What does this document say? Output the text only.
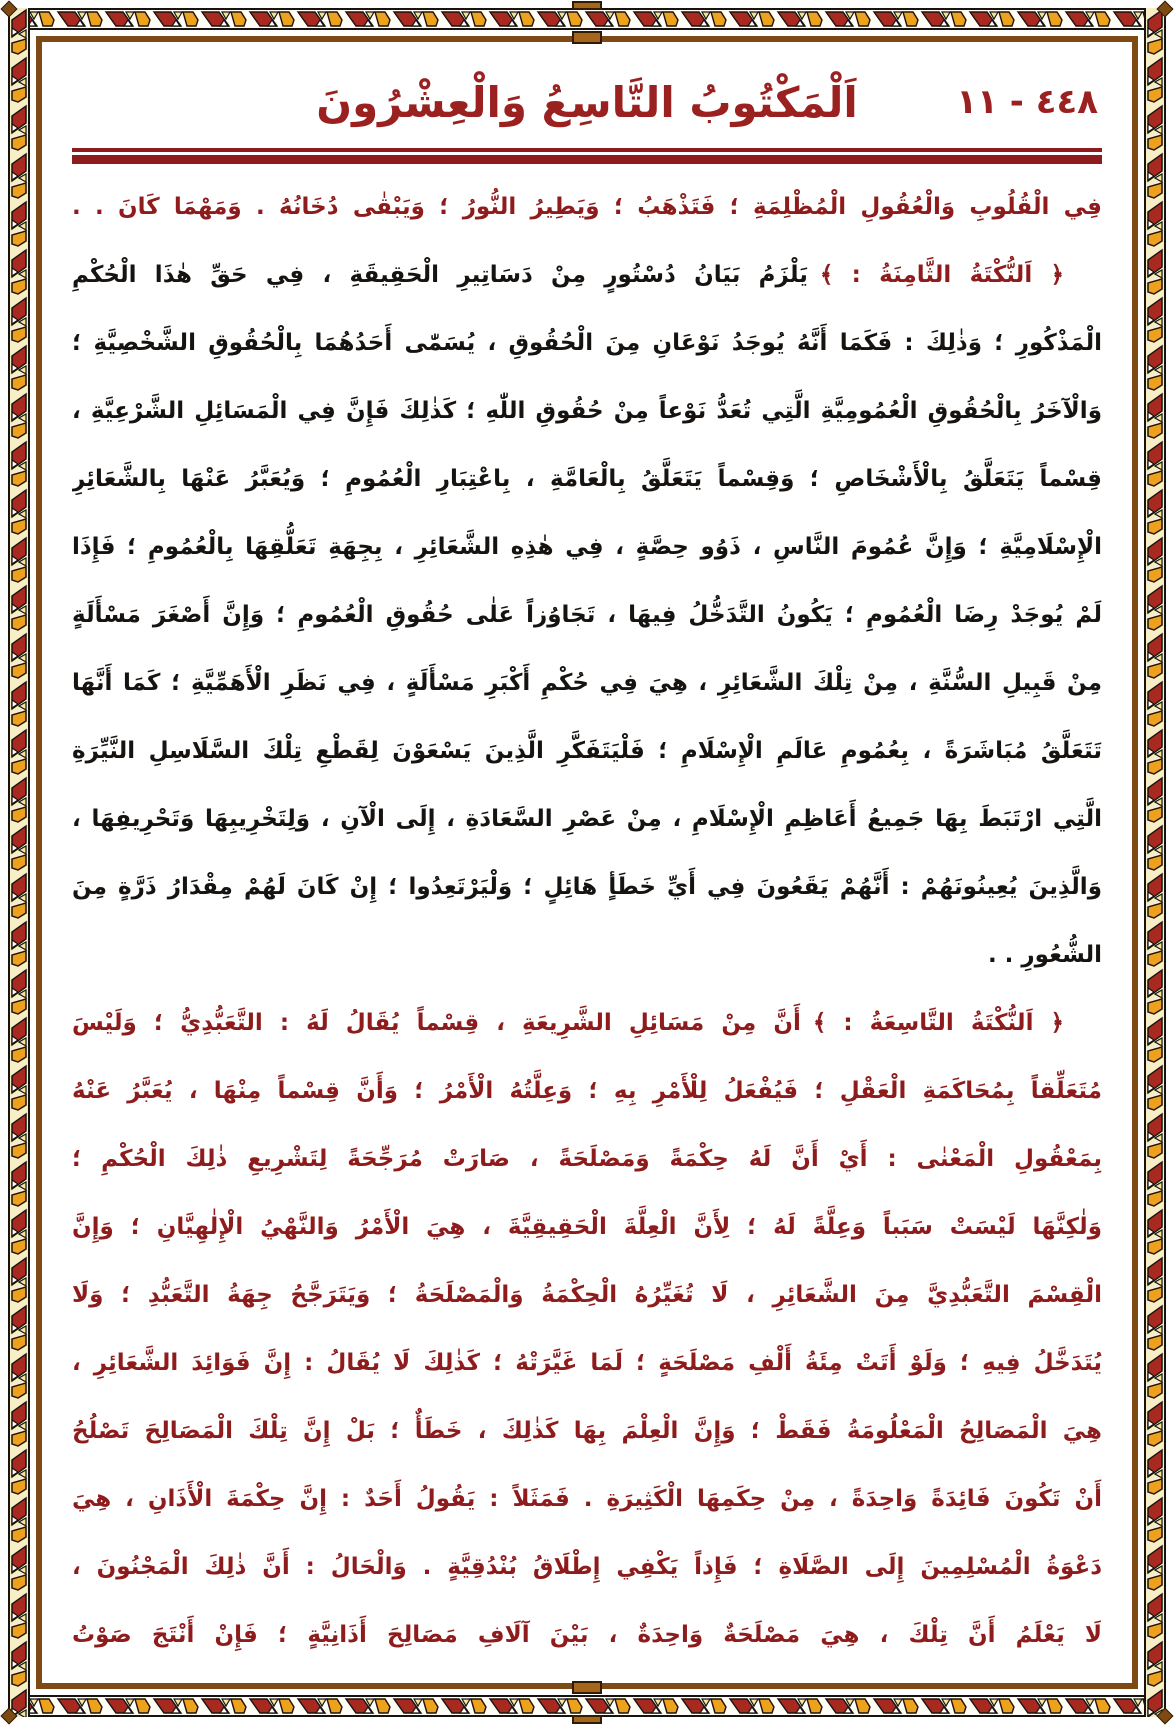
٤٤٨ - ١١
اَلْمَكْتُوبُ التَّاسِعُ وَالْعِشْرُونَ
فِي الْقُلُوبِ وَالْعُقُولِ الْمُظْلِمَةِ ؛ فَتَذْهَبُ ؛ وَيَطِيرُ النُّورُ ؛ وَيَبْقٰى دُخَانُهُ . وَمَهْمَا كَانَ . .
﴿ اَلنُّكْتَةُ الثَّامِنَةُ : ﴾يَلْزَمُ بَيَانُ دُسْتُورٍ مِنْ دَسَاتِيرِ الْحَقِيقَةِ ، فِي حَقِّ هٰذَا الْحُكْمِ
الْمَذْكُورِ ؛ وَذٰلِكَ : فَكَمَا أَنَّهُ يُوجَدُ نَوْعَانِ مِنَ الْحُقُوقِ ، يُسَمّٰى أَحَدُهُمَا بِالْحُقُوقِ الشَّخْصِيَّةِ ؛
وَالْآخَرُ بِالْحُقُوقِ الْعُمُومِيَّةِ الَّتِي تُعَدُّ نَوْعاً مِنْ حُقُوقِ اللّٰهِ ؛ كَذٰلِكَ فَإِنَّ فِي الْمَسَائِلِ الشَّرْعِيَّةِ ،
قِسْماً يَتَعَلَّقُ بِالْأَشْخَاصِ ؛ وَقِسْماً يَتَعَلَّقُ بِالْعَامَّةِ ، بِاعْتِبَارِ الْعُمُومِ ؛ وَيُعَبَّرُ عَنْهَا بِالشَّعَائِرِ
الْإِسْلَامِيَّةِ ؛ وَإِنَّ عُمُومَ النَّاسِ ، ذَوُو حِصَّةٍ ، فِي هٰذِهِ الشَّعَائِرِ ، بِجِهَةِ تَعَلُّقِهَا بِالْعُمُومِ ؛ فَإِذَا
لَمْ يُوجَدْ رِضَا الْعُمُومِ ؛ يَكُونُ التَّدَخُّلُ فِيهَا ، تَجَاوُزاً عَلٰى حُقُوقِ الْعُمُومِ ؛ وَإِنَّ أَصْغَرَ مَسْأَلَةٍ
مِنْ قَبِيلِ السُّنَّةِ ، مِنْ تِلْكَ الشَّعَائِرِ ، هِيَ فِي حُكْمِ أَكْبَرِ مَسْأَلَةٍ ، فِي نَظَرِ الْأَهَمِّيَّةِ ؛ كَمَا أَنَّهَا
تَتَعَلَّقُ مُبَاشَرَةً ، بِعُمُومِ عَالَمِ الْإِسْلَامِ ؛ فَلْيَتَفَكَّرِ الَّذِينَ يَسْعَوْنَ لِقَطْعِ تِلْكَ السَّلَاسِلِ النَّيِّرَةِ
الَّتِي ارْتَبَطَ بِهَا جَمِيعُ أَعَاظِمِ الْإِسْلَامِ ، مِنْ عَصْرِ السَّعَادَةِ ، إِلَى الْآنِ ، وَلِتَخْرِيبِهَا وَتَحْرِيفِهَا ،
وَالَّذِينَ يُعِينُونَهُمْ : أَنَّهُمْ يَقَعُونَ فِي أَيِّ خَطَأٍ هَائِلٍ ؛ وَلْيَرْتَعِدُوا ؛ إِنْ كَانَ لَهُمْ مِقْدَارُ ذَرَّةٍ مِنَ
الشُّعُورِ . .
﴿ اَلنُّكْتَةُ التَّاسِعَةُ : ﴾أَنَّ مِنْ مَسَائِلِ الشَّرِيعَةِ ، قِسْماً يُقَالُ لَهُ : التَّعَبُّدِيُّ ؛ وَلَيْسَ
مُتَعَلِّقاً بِمُحَاكَمَةِ الْعَقْلِ ؛ فَيُفْعَلُ لِلْأَمْرِ بِهِ ؛ وَعِلَّتُهُ الْأَمْرُ ؛ وَأَنَّ قِسْماً مِنْهَا ، يُعَبَّرُ عَنْهُ
بِمَعْقُولِ الْمَعْنٰى : أَيْ أَنَّ لَهُ حِكْمَةً وَمَصْلَحَةً ، صَارَتْ مُرَجِّحَةً لِتَشْرِيعِ ذٰلِكَ الْحُكْمِ ؛
وَلٰكِنَّهَا لَيْسَتْ سَبَباً وَعِلَّةً لَهُ ؛ لِأَنَّ الْعِلَّةَ الْحَقِيقِيَّةَ ، هِيَ الْأَمْرُ وَالنَّهْيُ الْإِلٰهِيَّانِ ؛ وَإِنَّ
الْقِسْمَ التَّعَبُّدِيَّ مِنَ الشَّعَائِرِ ، لَا تُغَيِّرُهُ الْحِكْمَةُ وَالْمَصْلَحَةُ ؛ وَيَتَرَجَّحُ جِهَةُ التَّعَبُّدِ ؛ وَلَا
يُتَدَخَّلُ فِيهِ ؛ وَلَوْ أَتَتْ مِئَةُ أَلْفِ مَصْلَحَةٍ ؛ لَمَا غَيَّرَتْهُ ؛ كَذٰلِكَ لَا يُقَالُ : إِنَّ فَوَائِدَ الشَّعَائِرِ ،
هِيَ الْمَصَالِحُ الْمَعْلُومَةُ فَقَطْ ؛ وَإِنَّ الْعِلْمَ بِهَا كَذٰلِكَ ، خَطَأٌ ؛ بَلْ إِنَّ تِلْكَ الْمَصَالِحَ تَصْلُحُ
أَنْ تَكُونَ فَائِدَةً وَاحِدَةً ، مِنْ حِكَمِهَا الْكَثِيرَةِ . فَمَثَلاً : يَقُولُ أَحَدٌ : إِنَّ حِكْمَةَ الْأَذَانِ ، هِيَ
دَعْوَةُ الْمُسْلِمِينَ إِلَى الصَّلَاةِ ؛ فَإِذاً يَكْفِي إِطْلَاقُ بُنْدُقِيَّةٍ . وَالْحَالُ : أَنَّ ذٰلِكَ الْمَجْنُونَ ،
لَا يَعْلَمُ أَنَّ تِلْكَ ، هِيَ مَصْلَحَةٌ وَاحِدَةٌ ، بَيْنَ آلَافِ مَصَالِحَ أَذَانِيَّةٍ ؛ فَإِنْ أَنْتَجَ صَوْتُ
